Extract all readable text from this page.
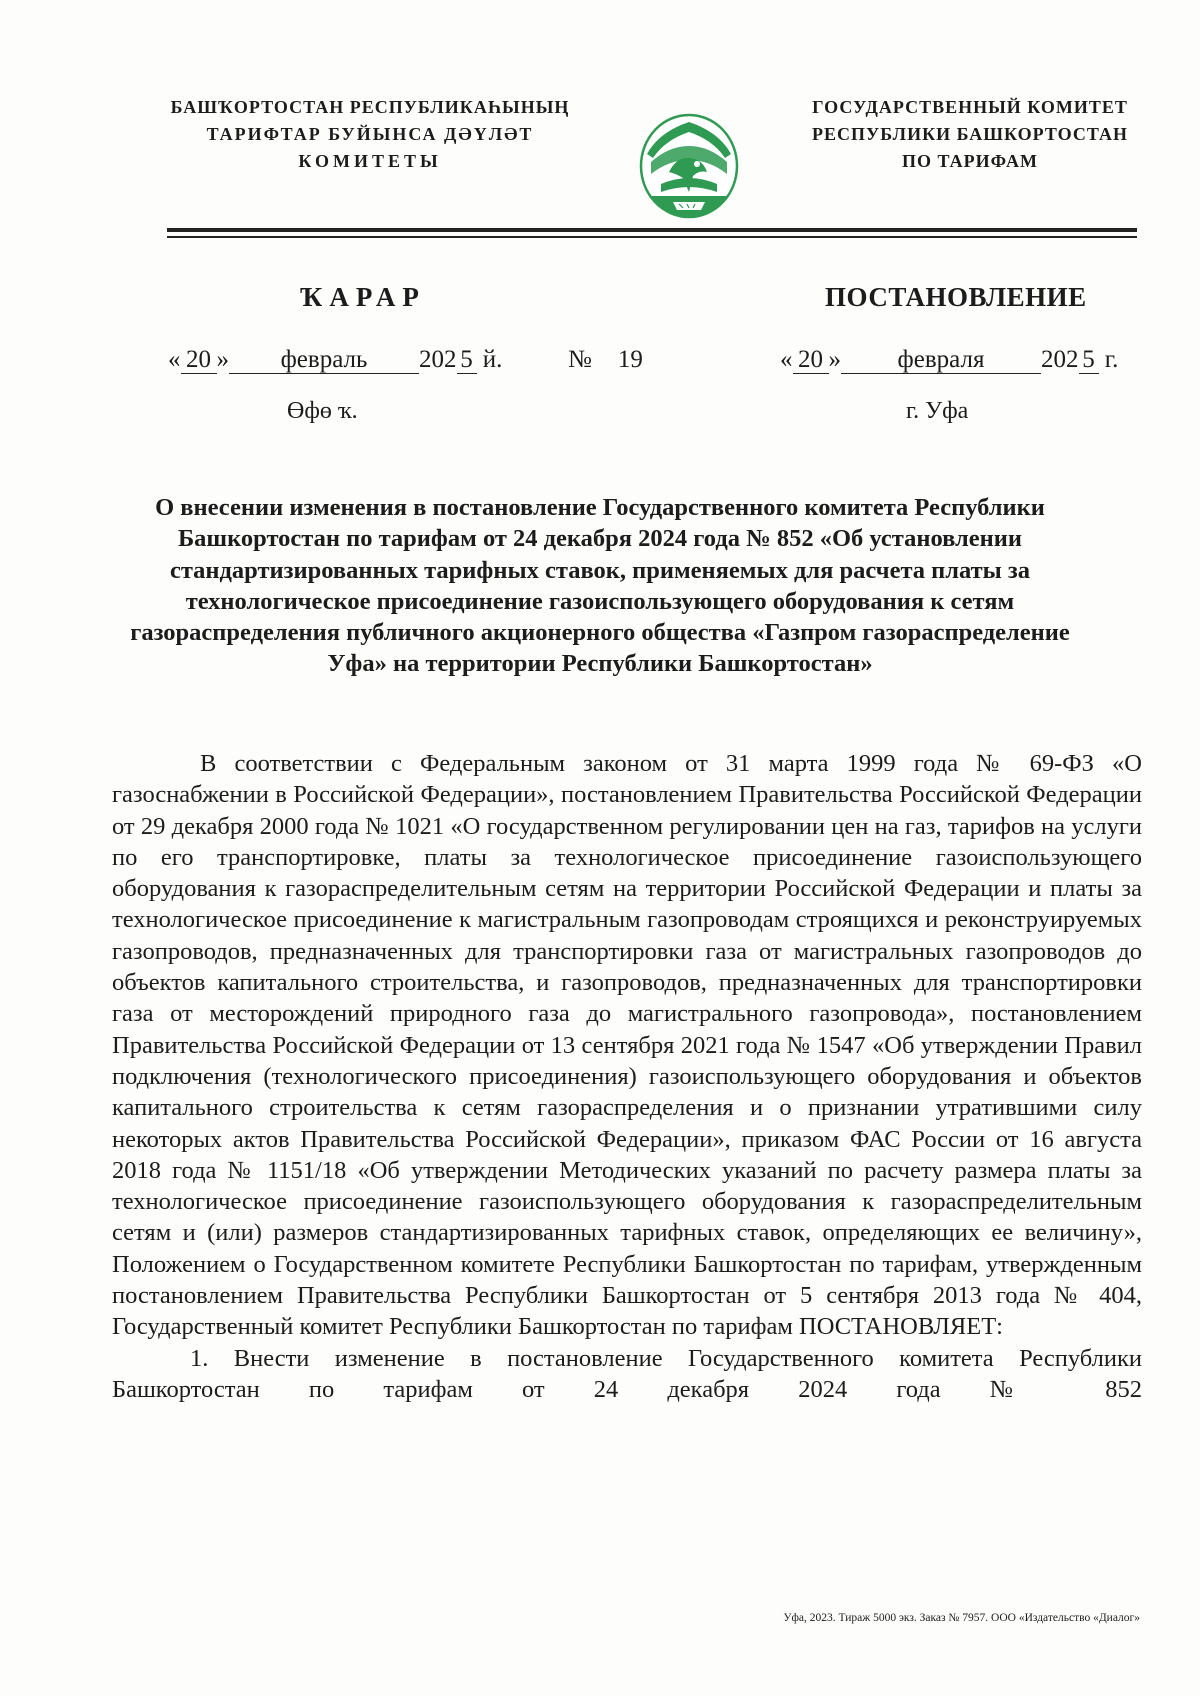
БАШҠОРТОСТАН РЕСПУБЛИКАҺЫНЫҢ
ТАРИФТАР БУЙЫНСА ДӘҮЛӘТ
КОМИТЕТЫ
ГОСУДАРСТВЕННЫЙ КОМИТЕТ
РЕСПУБЛИКИ БАШКОРТОСТАН
ПО ТАРИФАМ
ҠАРАР	ПОСТАНОВЛЕНИЕ
« 20 » февраль 202 5 й.	№ 19	« 20 » февраля 202 5 г.
Өфө ҡ.	г. Уфа
О внесении изменения в постановление Государственного комитета Республики Башкортостан по тарифам от 24 декабря 2024 года № 852 «Об установлении стандартизированных тарифных ставок, применяемых для расчета платы за технологическое присоединение газоиспользующего оборудования к сетям газораспределения публичного акционерного общества «Газпром газораспределение Уфа» на территории Республики Башкортостан»

В соответствии с Федеральным законом от 31 марта 1999 года № 69-ФЗ «О газоснабжении в Российской Федерации», постановлением Правительства Российской Федерации от 29 декабря 2000 года № 1021 «О государственном регулировании цен на газ, тарифов на услуги по его транспортировке, платы за технологическое присоединение газоиспользующего оборудования к газораспределительным сетям на территории Российской Федерации и платы за технологическое присоединение к магистральным газопроводам строящихся и реконструируемых газопроводов, предназначенных для транспортировки газа от магистральных газопроводов до объектов капитального строительства, и газопроводов, предназначенных для транспортировки газа от месторождений природного газа до магистрального газопровода», постановлением Правительства Российской Федерации от 13 сентября 2021 года № 1547 «Об утверждении Правил подключения (технологического присоединения) газоиспользующего оборудования и объектов капитального строительства к сетям газораспределения и о признании утратившими силу некоторых актов Правительства Российской Федерации», приказом ФАС России от 16 августа 2018 года № 1151/18 «Об утверждении Методических указаний по расчету размера платы за технологическое присоединение газоиспользующего оборудования к газораспределительным сетям и (или) размеров стандартизированных тарифных ставок, определяющих ее величину», Положением о Государственном комитете Республики Башкортостан по тарифам, утвержденным постановлением Правительства Республики Башкортостан от 5 сентября 2013 года № 404, Государственный комитет Республики Башкортостан по тарифам ПОСТАНОВЛЯЕТ:

1. Внести изменение в постановление Государственного комитета Республики Башкортостан по тарифам от 24 декабря 2024 года № 852

Уфа, 2023. Тираж 5000 экз. Заказ № 7957. ООО «Издательство «Диалог»
